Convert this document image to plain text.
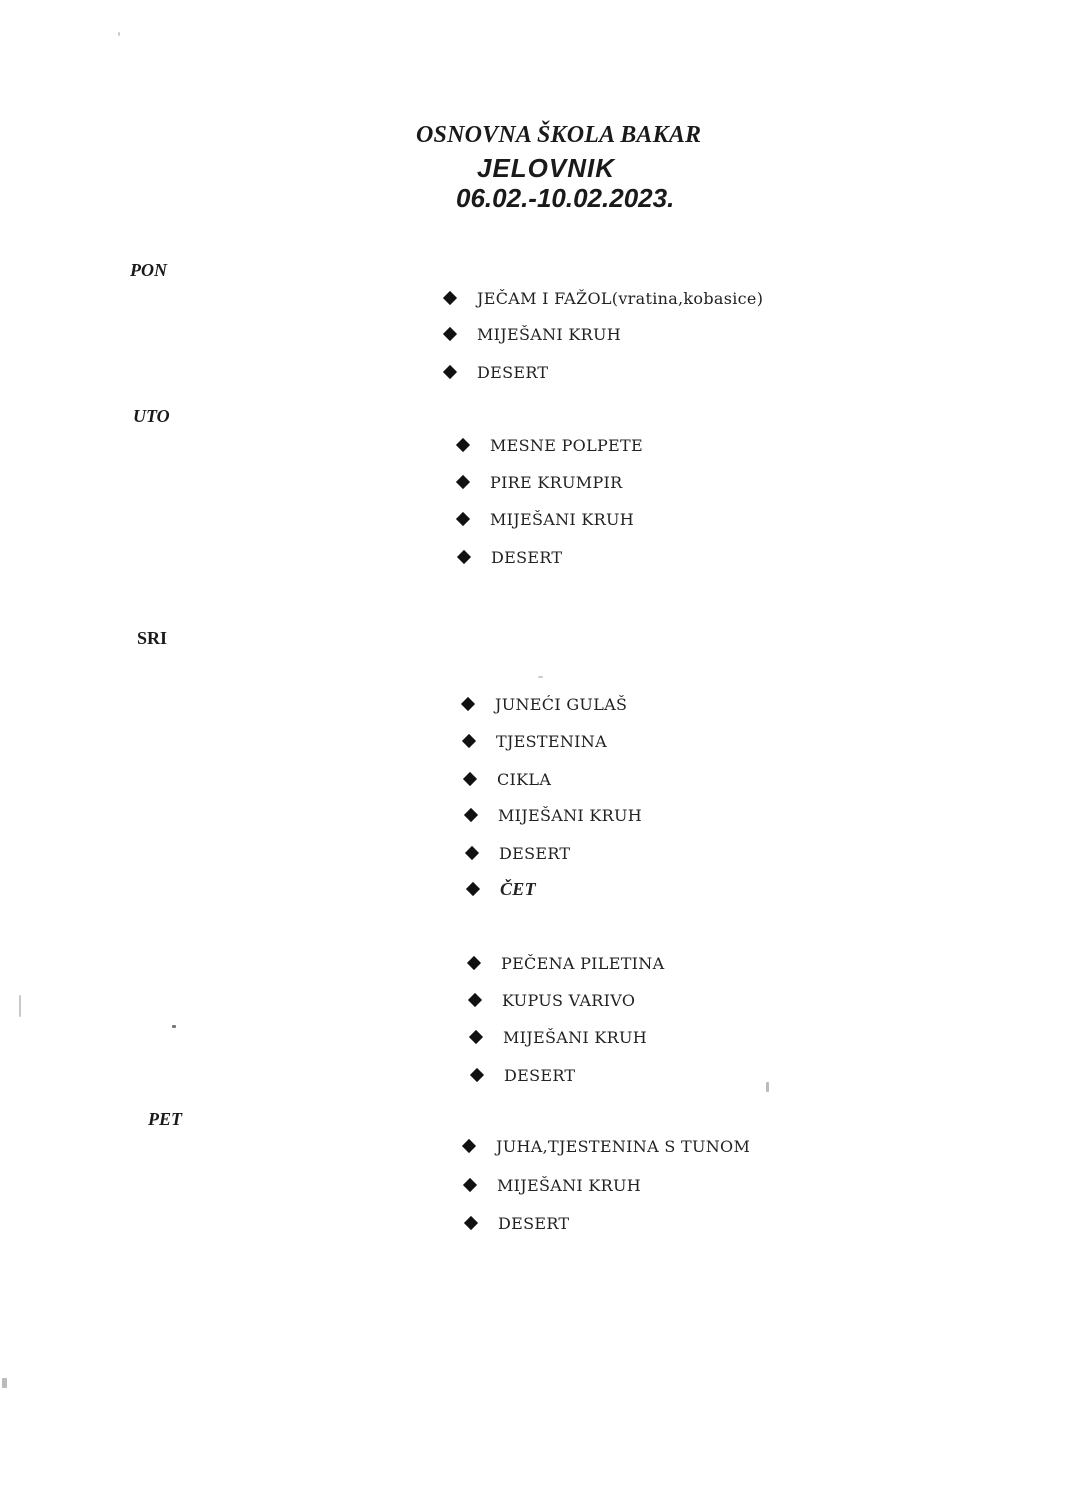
OSNOVNA ŠKOLA BAKAR
JELOVNIK
06.02.-10.02.2023.
PON
UTO
SRI
PET
JEČAM I FAŽOL(vratina,kobasice)
MIJEŠANI KRUH
DESERT
MESNE POLPETE
PIRE KRUMPIR
MIJEŠANI KRUH
DESERT
JUNEĆI GULAŠ
TJESTENINA
CIKLA
MIJEŠANI KRUH
DESERT
ČET
PEČENA PILETINA
KUPUS VARIVO
MIJEŠANI KRUH
DESERT
JUHA,TJESTENINA S TUNOM
MIJEŠANI KRUH
DESERT
